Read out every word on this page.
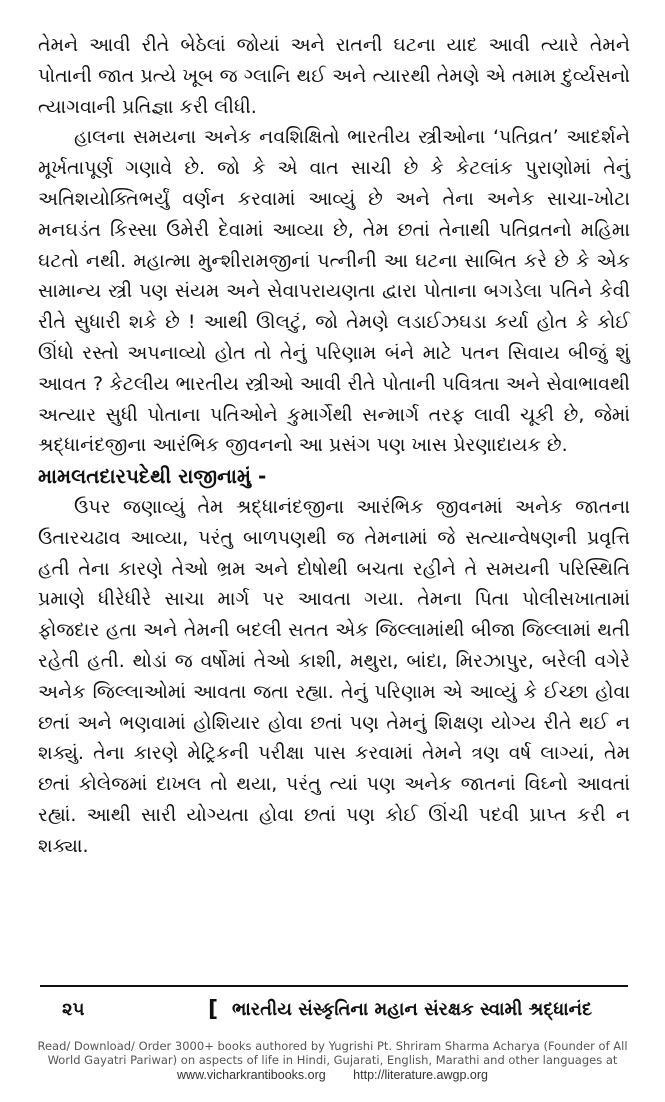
તેમને આવી રીતે બેઠેલાં જોયાં અને રાતની ઘટના યાદ આવી ત્યારે તેમને પોતાની જાત પ્રત્યે ખૂબ જ ગ્લાનિ થઈ અને ત્યારથી તેમણે એ તમામ દુર્વ્યસનો ત્યાગવાની પ્રતિજ્ઞા કરી લીધી.

હાલના સમયના અનેક નવશિક્ષિતો ભારતીય સ્ત્રીઓના ‘પતિવ્રત’ આદર્શને મૂર્ખતાપૂર્ણ ગણાવે છે. જો કે એ વાત સાચી છે કે કેટલાંક પુરાણોમાં તેનું અતિશયોક્તિભર્યું વર્ણન કરવામાં આવ્યું છે અને તેના અનેક સાચા-ખોટા મનઘડંત કિસ્સા ઉમેરી દેવામાં આવ્યા છે, તેમ છતાં તેનાથી પતિવ્રતનો મહિમા ઘટતો નથી. મહાત્મા મુન્શીરામજીનાં પત્નીની આ ઘટના સાબિત કરે છે કે એક સામાન્ય સ્ત્રી પણ સંયમ અને સેવાપરાયણતા દ્વારા પોતાના બગડેલા પતિને કેવી રીતે સુધારી શકે છે ! આથી ઊલટું, જો તેમણે લડાઈઝઘડા કર્યા હોત કે કોઈ ઊંધો રસ્તો અપનાવ્યો હોત તો તેનું પરિણામ બંને માટે પતન સિવાય બીજું શું આવત ? કેટલીય ભારતીય સ્ત્રીઓ આવી રીતે પોતાની પવિત્રતા અને સેવાભાવથી અત્યાર સુધી પોતાના પતિઓને કુમાર્ગેથી સન્માર્ગ તરફ લાવી ચૂકી છે, જેમાં શ્રદ્ધાનંદજીના આરંભિક જીવનનો આ પ્રસંગ પણ ખાસ પ્રેરણાદાયક છે.

મામલતદારપદેથી રાજીનામું -

ઉપર જણાવ્યું તેમ શ્રદ્ધાનંદજીના આરંભિક જીવનમાં અનેક જાતના ઉતારચઢાવ આવ્યા, પરંતુ બાળપણથી જ તેમનામાં જે સત્યાન્વેષણની પ્રવૃત્તિ હતી તેના કારણે તેઓ ભ્રમ અને દોષોથી બચતા રહીને તે સમયની પરિસ્થિતિ પ્રમાણે ધીરેધીરે સાચા માર્ગ પર આવતા ગયા. તેમના પિતા પોલીસખાતામાં ફોજદાર હતા અને તેમની બદલી સતત એક જિલ્લામાંથી બીજા જિલ્લામાં થતી રહેતી હતી. થોડાં જ વર્ષોમાં તેઓ કાશી, મથુરા, બાંદા, મિરઝાપુર, બરેલી વગેરે અનેક જિલ્લાઓમાં આવતા જતા રહ્યા. તેનું પરિણામ એ આવ્યું કે ઈચ્છા હોવા છતાં અને ભણવામાં હોશિયાર હોવા છતાં પણ તેમનું શિક્ષણ યોગ્ય રીતે થઈ ન શક્યું. તેના કારણે મેટ્રિકની પરીક્ષા પાસ કરવામાં તેમને ત્રણ વર્ષ લાગ્યાં, તેમ છતાં કોલેજમાં દાખલ તો થયા, પરંતુ ત્યાં પણ અનેક જાતનાં વિઘ્નો આવતાં રહ્યાં. આથી સારી યોગ્યતા હોવા છતાં પણ કોઈ ઊંચી પદવી પ્રાપ્ત કરી ન શક્યા.

૨૫	[ ભારતીય સંસ્કૃતિના મહાન સંરક્ષક સ્વામી શ્રદ્ધાનંદ
Read/ Download/ Order 3000+ books authored by Yugrishi Pt. Shriram Sharma Acharya (Founder of All
World Gayatri Pariwar) on aspects of life in Hindi, Gujarati, English, Marathi and other languages at
www.vicharkrantibooks.org http://literature.awgp.org
